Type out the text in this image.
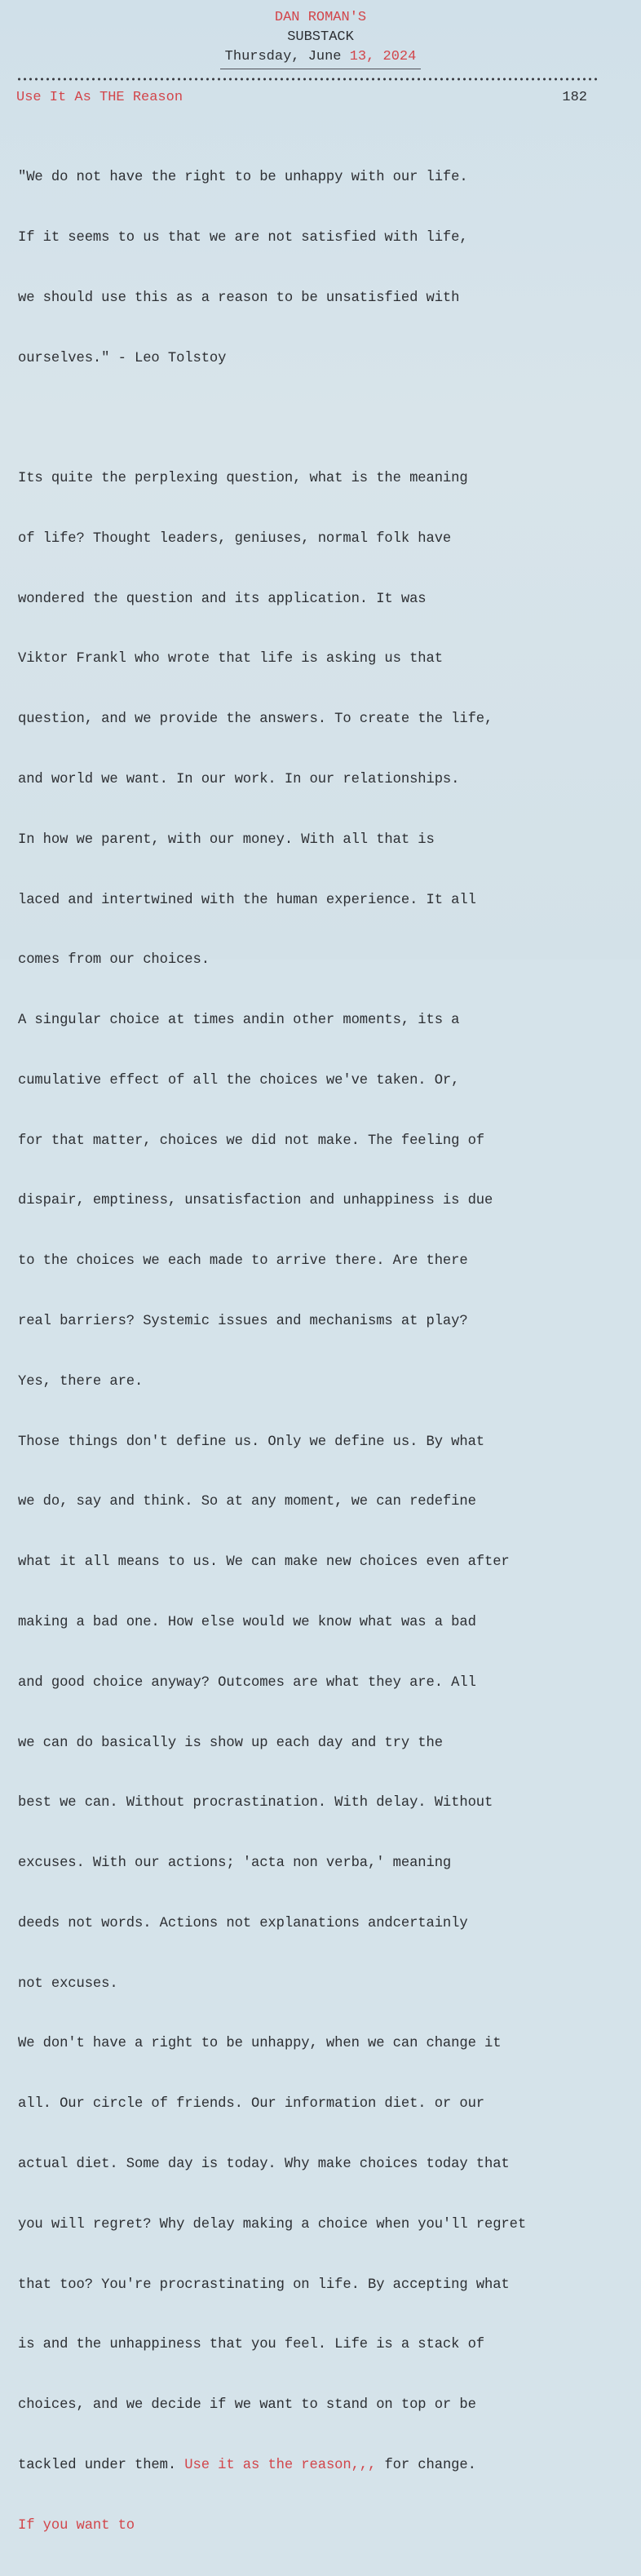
DAN ROMAN'S
SUBSTACK
Thursday, June 13, 2024
Use It As THE Reason	182

"We do not have the right to be unhappy with our life.

If it seems to us that we are not satisfied with life,

we should use this as a reason to be unsatisfied with

ourselves." - Leo Tolstoy

Its quite the perplexing question, what is the meaning

of life? Thought leaders, geniuses, normal folk have

wondered the question and its application. It was

Viktor Frankl who wrote that life is asking us that

question, and we provide the answers. To create the life,

and world we want. In our work. In our relationships.

In how we parent, with our money. With all that is

laced and intertwined with the human experience. It all

comes from our choices.

A singular choice at times andin other moments, its a

cumulative effect of all the choices we've taken. Or,

for that matter, choices we did not make. The feeling of

dispair, emptiness, unsatisfaction and unhappiness is due

to the choices we each made to arrive there. Are there

real barriers? Systemic issues and mechanisms at play?

Yes, there are.

Those things don't define us. Only we define us. By what

we do, say and think. So at any moment, we can redefine

what it all means to us. We can make new choices even after

making a bad one. How else would we know what was a bad

and good choice anyway? Outcomes are what they are. All

we can do basically is show up each day and try the

best we can. Without procrastination. With delay. Without

excuses. With our actions; 'acta non verba,' meaning

deeds not words. Actions not explanations andcertainly

not excuses.

We don't have a right to be unhappy, when we can change it

all. Our circle of friends. Our information diet. or our

actual diet. Some day is today. Why make choices today that

you will regret? Why delay making a choice when you'll regret

that too? You're procrastinating on life. By accepting what

is and the unhappiness that you feel. Life is a stack of

choices, and we decide if we want to stand on top or be

tackled under them. Use it as the reason,,, for change.

If you want to
